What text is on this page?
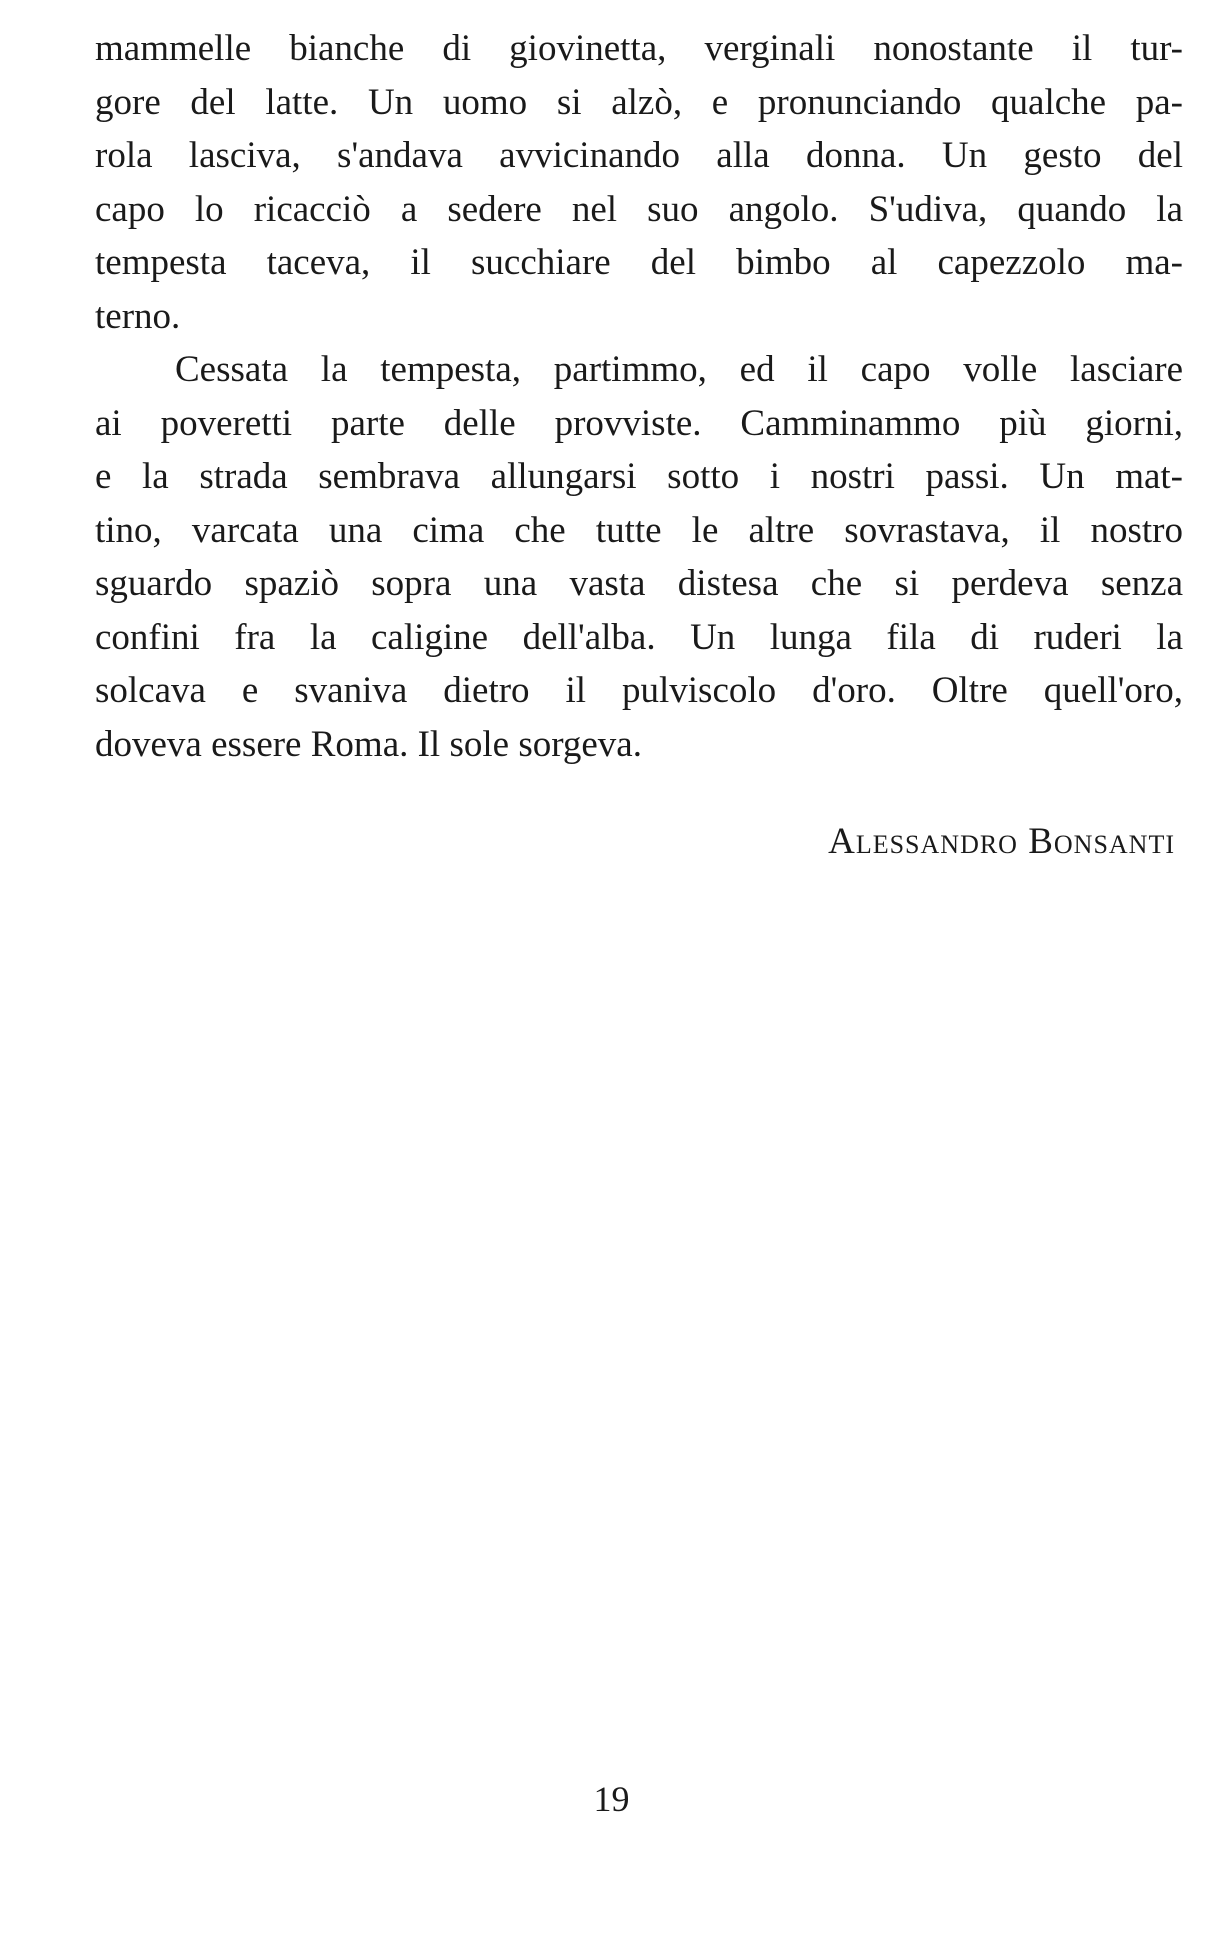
mammelle bianche di giovinetta, verginali nonostante il tur-
gore del latte. Un uomo si alzò, e pronunciando qualche pa-
rola lasciva, s'andava avvicinando alla donna. Un gesto del
capo lo ricacciò a sedere nel suo angolo. S'udiva, quando la
tempesta taceva, il succhiare del bimbo al capezzolo ma-
terno.
Cessata la tempesta, partimmo, ed il capo volle lasciare
ai poveretti parte delle provviste. Camminammo più giorni,
e la strada sembrava allungarsi sotto i nostri passi. Un mat-
tino, varcata una cima che tutte le altre sovrastava, il nostro
sguardo spaziò sopra una vasta distesa che si perdeva senza
confini fra la caligine dell'alba. Un lunga fila di ruderi la
solcava e svaniva dietro il pulviscolo d'oro. Oltre quell'oro,
doveva essere Roma. Il sole sorgeva.
Alessandro Bonsanti
19
